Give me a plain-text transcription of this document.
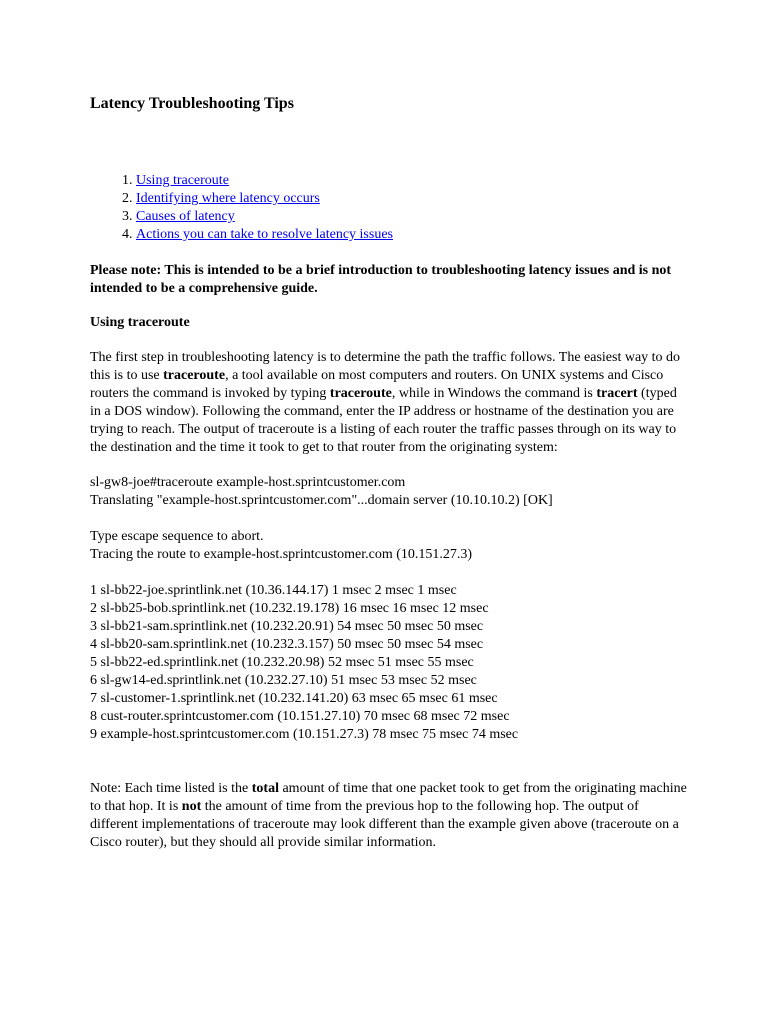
Latency Troubleshooting Tips
1. Using traceroute
2. Identifying where latency occurs
3. Causes of latency
4. Actions you can take to resolve latency issues

Please note: This is intended to be a brief introduction to troubleshooting latency issues and is not intended to be a comprehensive guide.

Using traceroute

The first step in troubleshooting latency is to determine the path the traffic follows. The easiest way to do this is to use traceroute, a tool available on most computers and routers. On UNIX systems and Cisco routers the command is invoked by typing traceroute, while in Windows the command is tracert (typed in a DOS window). Following the command, enter the IP address or hostname of the destination you are trying to reach. The output of traceroute is a listing of each router the traffic passes through on its way to the destination and the time it took to get to that router from the originating system:

sl-gw8-joe#traceroute example-host.sprintcustomer.com
Translating "example-host.sprintcustomer.com"...domain server (10.10.10.2) [OK]
Type escape sequence to abort.
Tracing the route to example-host.sprintcustomer.com (10.151.27.3)
1 sl-bb22-joe.sprintlink.net (10.36.144.17) 1 msec 2 msec 1 msec
2 sl-bb25-bob.sprintlink.net (10.232.19.178) 16 msec 16 msec 12 msec
3 sl-bb21-sam.sprintlink.net (10.232.20.91) 54 msec 50 msec 50 msec
4 sl-bb20-sam.sprintlink.net (10.232.3.157) 50 msec 50 msec 54 msec
5 sl-bb22-ed.sprintlink.net (10.232.20.98) 52 msec 51 msec 55 msec
6 sl-gw14-ed.sprintlink.net (10.232.27.10) 51 msec 53 msec 52 msec
7 sl-customer-1.sprintlink.net (10.232.141.20) 63 msec 65 msec 61 msec
8 cust-router.sprintcustomer.com (10.151.27.10) 70 msec 68 msec 72 msec
9 example-host.sprintcustomer.com (10.151.27.3) 78 msec 75 msec 74 msec

Note: Each time listed is the total amount of time that one packet took to get from the originating machine to that hop. It is not the amount of time from the previous hop to the following hop. The output of different implementations of traceroute may look different than the example given above (traceroute on a Cisco router), but they should all provide similar information.
